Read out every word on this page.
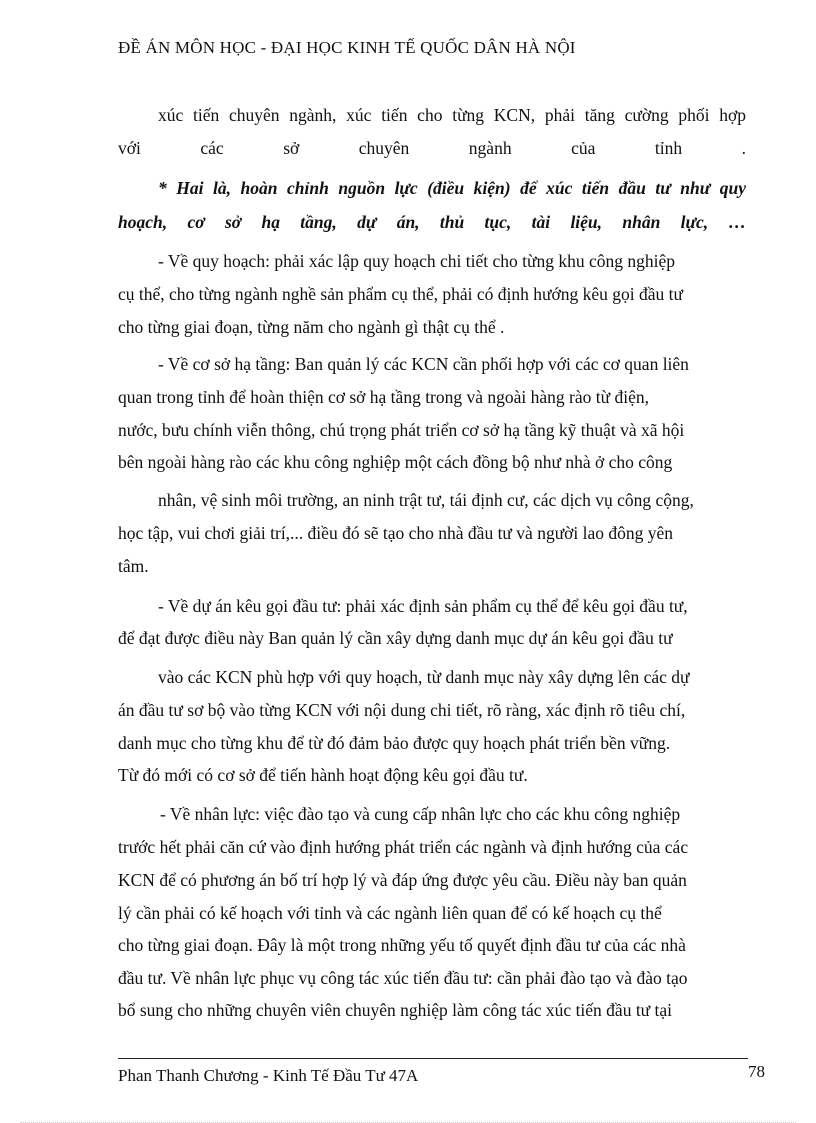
ĐỀ ÁN MÔN HỌC - ĐẠI HỌC KINH TẾ QUỐC DÂN HÀ NỘI
xúc tiến chuyên ngành, xúc tiến cho từng KCN, phải tăng cường phối hợp
với các sở chuyên ngành của tỉnh .
* Hai là, hoàn chỉnh nguồn lực (điều kiện) để xúc tiến đầu tư như quy
hoạch, cơ sở hạ tầng, dự án, thủ tục, tài liệu, nhân lực, …
- Về quy hoạch: phải xác lập quy hoạch chi tiết cho từng khu công nghiệp
cụ thể, cho từng ngành nghề sản phẩm cụ thể, phải có định hướng kêu gọi đầu tư
cho từng giai đoạn, từng năm cho ngành gì thật cụ thể .
- Về cơ sở hạ tầng: Ban quản lý các KCN cần phối hợp với các cơ quan liên
quan trong tỉnh để hoàn thiện cơ sở hạ tầng trong và ngoài hàng rào từ điện,
nước, bưu chính viễn thông, chú trọng phát triển cơ sở hạ tầng kỹ thuật và xã hội
bên ngoài hàng rào các khu công nghiệp một cách đồng bộ như nhà ở cho công
nhân, vệ sinh môi trường, an ninh trật tư, tái định cư, các dịch vụ công cộng,
học tập, vui chơi giải trí,... điều đó sẽ tạo cho nhà đầu tư và người lao đông yên
tâm.
- Về dự án kêu gọi đầu tư: phải xác định sản phẩm cụ thể để kêu gọi đầu tư,
để đạt được điều này Ban quản lý cần xây dựng danh mục dự án kêu gọi đầu tư
vào các KCN phù hợp với quy hoạch, từ danh mục này xây dựng lên các dự
án đầu tư sơ bộ vào từng KCN với nội dung chi tiết, rõ ràng, xác định rõ tiêu chí,
danh mục cho từng khu để từ đó đảm bảo được quy hoạch phát triển bền vững.
Từ đó mới có cơ sở để tiến hành hoạt động kêu gọi đầu tư.
- Về nhân lực: việc đào tạo và cung cấp nhân lực cho các khu công nghiệp
trước hết phải căn cứ vào định hướng phát triển các ngành và định hướng của các
KCN để có phương án bố trí hợp lý và đáp ứng được yêu cầu. Điều này ban quản
lý cần phải có kế hoạch với tỉnh và các ngành liên quan để có kế hoạch cụ thể
cho từng giai đoạn. Đây là một trong những yếu tố quyết định đầu tư của các nhà
đầu tư. Về nhân lực phục vụ công tác xúc tiến đầu tư: cần phải đào tạo và đào tạo
bổ sung cho những chuyên viên chuyên nghiệp làm công tác xúc tiến đầu tư tại
Phan Thanh Chương - Kinh Tế Đầu Tư 47A	78
